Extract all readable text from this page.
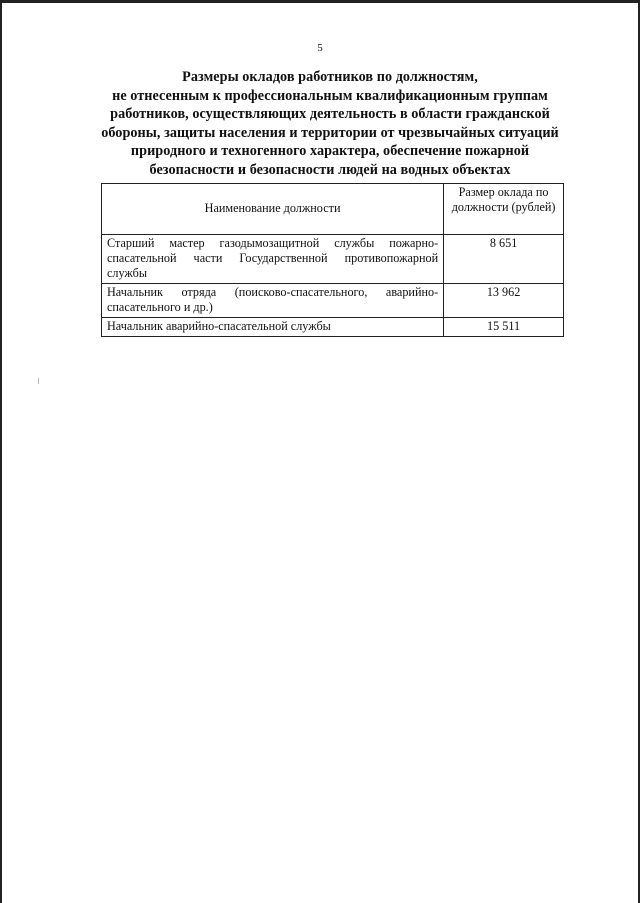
5
Размеры окладов работников по должностям,
не отнесенным к профессиональным квалификационным группам
работников, осуществляющих деятельность в области гражданской
обороны, защиты населения и территории от чрезвычайных ситуаций
природного и техногенного характера, обеспечение пожарной
безопасности и безопасности людей на водных объектах
Наименование должности	Размер оклада по должности (рублей)
Старший мастер газодымозащитной службы пожарно-спасательной части Государственной противопожарной службы	8 651
Начальник отряда (поисково-спасательного, аварийно-спасательного и др.)	13 962
Начальник аварийно-спасательной службы	15 511
